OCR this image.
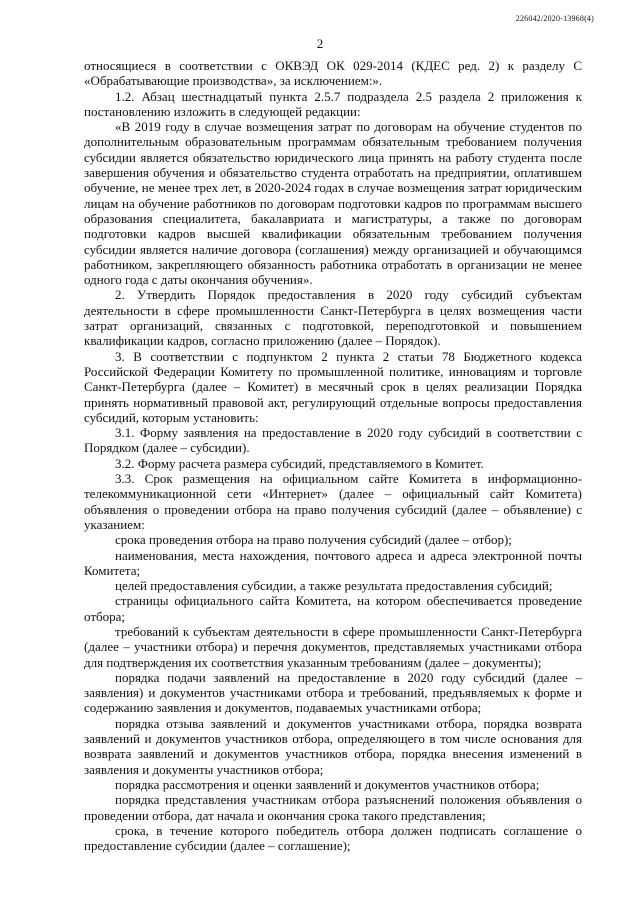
226042/2020-13968(4)
2

относящиеся в соответствии с ОКВЭД ОК 029-2014 (КДЕС ред. 2) к разделу С «Обрабатывающие производства», за исключением:».

1.2. Абзац шестнадцатый пункта 2.5.7 подраздела 2.5 раздела 2 приложения к постановлению изложить в следующей редакции:

«В 2019 году в случае возмещения затрат по договорам на обучение студентов по дополнительным образовательным программам обязательным требованием получения субсидии является обязательство юридического лица принять на работу студента после завершения обучения и обязательство студента отработать на предприятии, оплатившем обучение, не менее трех лет, в 2020-2024 годах в случае возмещения затрат юридическим лицам на обучение работников по договорам подготовки кадров по программам высшего образования специалитета, бакалавриата и магистратуры, а также по договорам подготовки кадров высшей квалификации обязательным требованием получения субсидии является наличие договора (соглашения) между организацией и обучающимся работником, закрепляющего обязанность работника отработать в организации не менее одного года с даты окончания обучения».

2. Утвердить Порядок предоставления в 2020 году субсидий субъектам деятельности в сфере промышленности Санкт-Петербурга в целях возмещения части затрат организаций, связанных с подготовкой, переподготовкой и повышением квалификации кадров, согласно приложению (далее – Порядок).

3. В соответствии с подпунктом 2 пункта 2 статьи 78 Бюджетного кодекса Российской Федерации Комитету по промышленной политике, инновациям и торговле Санкт-Петербурга (далее – Комитет) в месячный срок в целях реализации Порядка принять нормативный правовой акт, регулирующий отдельные вопросы предоставления субсидий, которым установить:

3.1. Форму заявления на предоставление в 2020 году субсидий в соответствии с Порядком (далее – субсидии).

3.2. Форму расчета размера субсидий, представляемого в Комитет.

3.3. Срок размещения на официальном сайте Комитета в информационно-телекоммуникационной сети «Интернет» (далее – официальный сайт Комитета) объявления о проведении отбора на право получения субсидий (далее – объявление) с указанием:

срока проведения отбора на право получения субсидий (далее – отбор);

наименования, места нахождения, почтового адреса и адреса электронной почты Комитета;

целей предоставления субсидии, а также результата предоставления субсидий;

страницы официального сайта Комитета, на котором обеспечивается проведение отбора;

требований к субъектам деятельности в сфере промышленности Санкт-Петербурга (далее – участники отбора) и перечня документов, представляемых участниками отбора для подтверждения их соответствия указанным требованиям (далее – документы);

порядка подачи заявлений на предоставление в 2020 году субсидий (далее – заявления) и документов участниками отбора и требований, предъявляемых к форме и содержанию заявления и документов, подаваемых участниками отбора;

порядка отзыва заявлений и документов участниками отбора, порядка возврата заявлений и документов участников отбора, определяющего в том числе основания для возврата заявлений и документов участников отбора, порядка внесения изменений в заявления и документы участников отбора;

порядка рассмотрения и оценки заявлений и документов участников отбора;

порядка представления участникам отбора разъяснений положения объявления о проведении отбора, дат начала и окончания срока такого представления;

срока, в течение которого победитель отбора должен подписать соглашение о предоставление субсидии (далее – соглашение);
